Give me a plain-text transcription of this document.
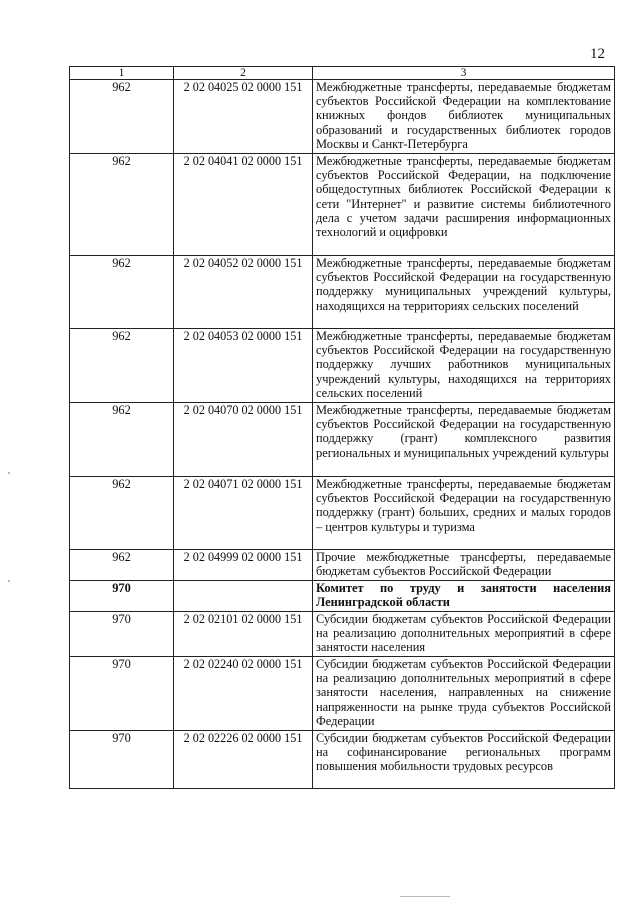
12
1	2	3
962	2 02 04025 02 0000 151	Межбюджетные трансферты, передаваемые бюджетам субъектов Российской Федерации на комплектование книжных фондов библиотек муниципальных образований и государственных библиотек городов Москвы и Санкт-Петербурга
962	2 02 04041 02 0000 151	Межбюджетные трансферты, передаваемые бюджетам субъектов Российской Федерации, на подключение общедоступных библиотек Российской Федерации к сети "Интернет" и развитие системы библиотечного дела с учетом задачи расширения информационных технологий и оцифровки
962	2 02 04052 02 0000 151	Межбюджетные трансферты, передаваемые бюджетам субъектов Российской Федерации на государственную поддержку муниципальных учреждений культуры, находящихся на территориях сельских поселений
962	2 02 04053 02 0000 151	Межбюджетные трансферты, передаваемые бюджетам субъектов Российской Федерации на государственную поддержку лучших работников муниципальных учреждений культуры, находящихся на территориях сельских поселений
962	2 02 04070 02 0000 151	Межбюджетные трансферты, передаваемые бюджетам субъектов Российской Федерации на государственную поддержку (грант) комплексного развития региональных и муниципальных учреждений культуры
962	2 02 04071 02 0000 151	Межбюджетные трансферты, передаваемые бюджетам субъектов Российской Федерации на государственную поддержку (грант) больших, средних и малых городов – центров культуры и туризма
962	2 02 04999 02 0000 151	Прочие межбюджетные трансферты, передаваемые бюджетам субъектов Российской Федерации
970		Комитет по труду и занятости населения Ленинградской области
970	2 02 02101 02 0000 151	Субсидии бюджетам субъектов Российской Федерации на реализацию дополнительных мероприятий в сфере занятости населения
970	2 02 02240 02 0000 151	Субсидии бюджетам субъектов Российской Федерации на реализацию дополнительных мероприятий в сфере занятости населения, направленных на снижение напряженности на рынке труда субъектов Российской Федерации
970	2 02 02226 02 0000 151	Субсидии бюджетам субъектов Российской Федерации на софинансирование региональных программ повышения мобильности трудовых ресурсов
